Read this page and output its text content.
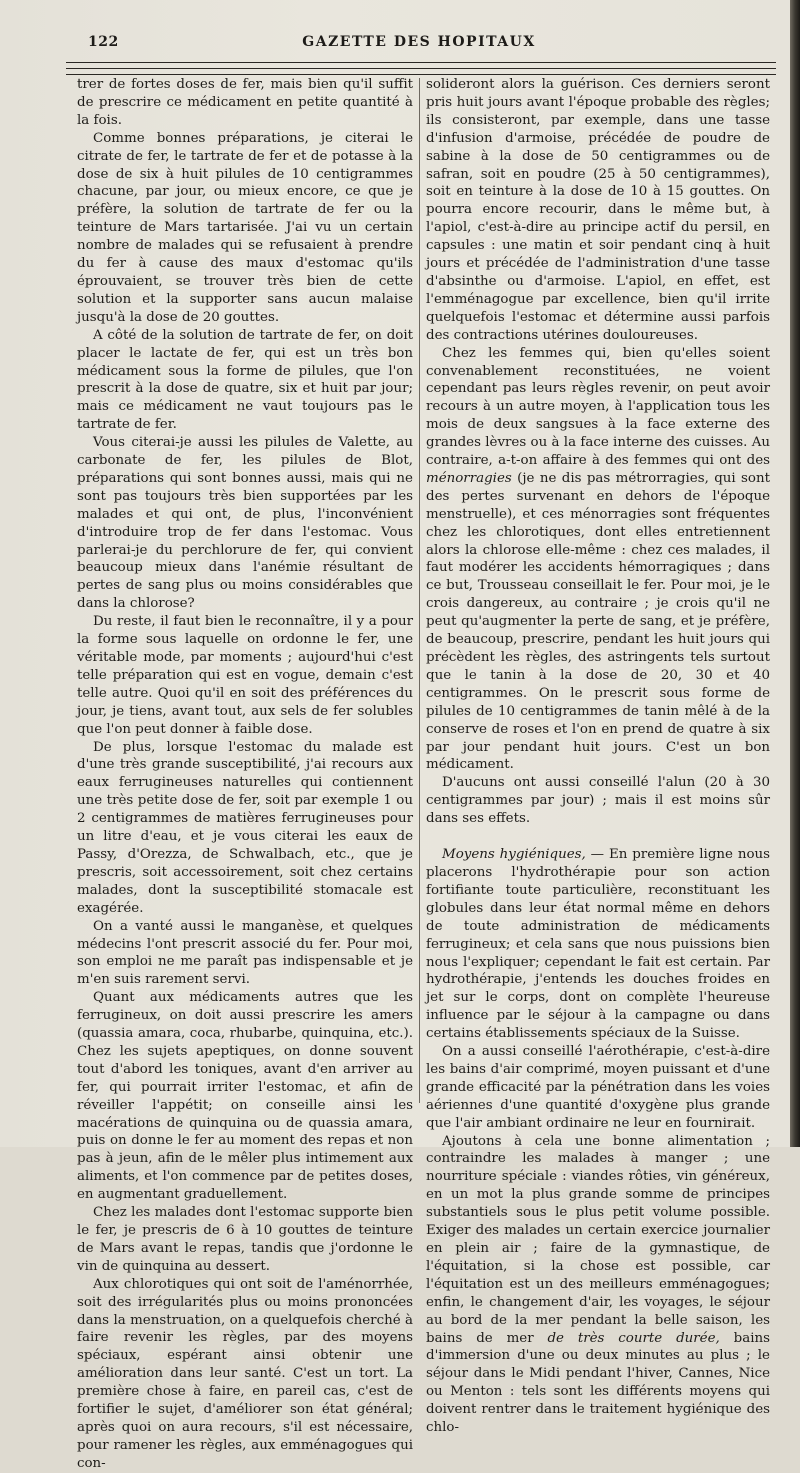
122	GAZETTE DES HOPITAUX

trer de fortes doses de fer, mais bien qu'il suffit de prescrire ce médicament en petite quantité à la fois.

Comme bonnes préparations, je citerai le citrate de fer, le tartrate de fer et de potasse à la dose de six à huit pilules de 10 centigrammes chacune, par jour, ou mieux encore, ce que je préfère, la solution de tartrate de fer ou la teinture de Mars tartarisée. J'ai vu un certain nombre de malades qui se refusaient à prendre du fer à cause des maux d'estomac qu'ils éprouvaient, se trouver très bien de cette solution et la supporter sans aucun malaise jusqu'à la dose de 20 gouttes.

A côté de la solution de tartrate de fer, on doit placer le lactate de fer, qui est un très bon médicament sous la forme de pilules, que l'on prescrit à la dose de quatre, six et huit par jour; mais ce médicament ne vaut toujours pas le tartrate de fer.

Vous citerai-je aussi les pilules de Valette, au carbonate de fer, les pilules de Blot, préparations qui sont bonnes aussi, mais qui ne sont pas toujours très bien supportées par les malades et qui ont, de plus, l'inconvénient d'introduire trop de fer dans l'estomac. Vous parlerai-je du perchlorure de fer, qui convient beaucoup mieux dans l'anémie résultant de pertes de sang plus ou moins considérables que dans la chlorose?

Du reste, il faut bien le reconnaître, il y a pour la forme sous laquelle on ordonne le fer, une véritable mode, par moments ; aujourd'hui c'est telle préparation qui est en vogue, demain c'est telle autre. Quoi qu'il en soit des préférences du jour, je tiens, avant tout, aux sels de fer solubles que l'on peut donner à faible dose.

De plus, lorsque l'estomac du malade est d'une très grande susceptibilité, j'ai recours aux eaux ferrugineuses naturelles qui contiennent une très petite dose de fer, soit par exemple 1 ou 2 centigrammes de matières ferrugineuses pour un litre d'eau, et je vous citerai les eaux de Passy, d'Orezza, de Schwalbach, etc., que je prescris, soit accessoirement, soit chez certains malades, dont la susceptibilité stomacale est exagérée.

On a vanté aussi le manganèse, et quelques médecins l'ont prescrit associé du fer. Pour moi, son emploi ne me paraît pas indispensable et je m'en suis rarement servi.

Quant aux médicaments autres que les ferrugineux, on doit aussi prescrire les amers (quassia amara, coca, rhubarbe, quinquina, etc.). Chez les sujets apeptiques, on donne souvent tout d'abord les toniques, avant d'en arriver au fer, qui pourrait irriter l'estomac, et afin de réveiller l'appétit; on conseille ainsi les macérations de quinquina ou de quassia amara, puis on donne le fer au moment des repas et non pas à jeun, afin de le mêler plus intimement aux aliments, et l'on commence par de petites doses, en augmentant graduellement.

Chez les malades dont l'estomac supporte bien le fer, je prescris de 6 à 10 gouttes de teinture de Mars avant le repas, tandis que j'ordonne le vin de quinquina au dessert.

Aux chlorotiques qui ont soit de l'aménorrhée, soit des irrégularités plus ou moins prononcées dans la menstruation, on a quelquefois cherché à faire revenir les règles, par des moyens spéciaux, espérant ainsi obtenir une amélioration dans leur santé. C'est un tort. La première chose à faire, en pareil cas, c'est de fortifier le sujet, d'améliorer son état général; après quoi on aura recours, s'il est nécessaire, pour ramener les règles, aux emménagogues qui con-

solideront alors la guérison. Ces derniers seront pris huit jours avant l'époque probable des règles; ils consisteront, par exemple, dans une tasse d'infusion d'armoise, précédée de poudre de sabine à la dose de 50 centigrammes ou de safran, soit en poudre (25 à 50 centigrammes), soit en teinture à la dose de 10 à 15 gouttes. On pourra encore recourir, dans le même but, à l'apiol, c'est-à-dire au principe actif du persil, en capsules : une matin et soir pendant cinq à huit jours et précédée de l'administration d'une tasse d'absinthe ou d'armoise. L'apiol, en effet, est l'emménagogue par excellence, bien qu'il irrite quelquefois l'estomac et détermine aussi parfois des contractions utérines douloureuses.

Chez les femmes qui, bien qu'elles soient convenablement reconstituées, ne voient cependant pas leurs règles revenir, on peut avoir recours à un autre moyen, à l'application tous les mois de deux sangsues à la face externe des grandes lèvres ou à la face interne des cuisses. Au contraire, a-t-on affaire à des femmes qui ont des ménorragies (je ne dis pas métrorragies, qui sont des pertes survenant en dehors de l'époque menstruelle), et ces ménorragies sont fréquentes chez les chlorotiques, dont elles entretiennent alors la chlorose elle-même : chez ces malades, il faut modérer les accidents hémorragiques ; dans ce but, Trousseau conseillait le fer. Pour moi, je le crois dangereux, au contraire ; je crois qu'il ne peut qu'augmenter la perte de sang, et je préfère, de beaucoup, prescrire, pendant les huit jours qui précèdent les règles, des astringents tels surtout que le tanin à la dose de 20, 30 et 40 centigrammes. On le prescrit sous forme de pilules de 10 centigrammes de tanin mêlé à de la conserve de roses et l'on en prend de quatre à six par jour pendant huit jours. C'est un bon médicament.

D'aucuns ont aussi conseillé l'alun (20 à 30 centigrammes par jour) ; mais il est moins sûr dans ses effets.

Moyens hygiéniques, — En première ligne nous placerons l'hydrothérapie pour son action fortifiante toute particulière, reconstituant les globules dans leur état normal même en dehors de toute administration de médicaments ferrugineux; et cela sans que nous puissions bien nous l'expliquer; cependant le fait est certain. Par hydrothérapie, j'entends les douches froides en jet sur le corps, dont on complète l'heureuse influence par le séjour à la campagne ou dans certains établissements spéciaux de la Suisse.

On a aussi conseillé l'aérothérapie, c'est-à-dire les bains d'air comprimé, moyen puissant et d'une grande efficacité par la pénétration dans les voies aériennes d'une quantité d'oxygène plus grande que l'air ambiant ordinaire ne leur en fournirait.

Ajoutons à cela une bonne alimentation ; contraindre les malades à manger ; une nourriture spéciale : viandes rôties, vin généreux, en un mot la plus grande somme de principes substantiels sous le plus petit volume possible. Exiger des malades un certain exercice journalier en plein air ; faire de la gymnastique, de l'équitation, si la chose est possible, car l'équitation est un des meilleurs emménagogues; enfin, le changement d'air, les voyages, le séjour au bord de la mer pendant la belle saison, les bains de mer de très courte durée, bains d'immersion d'une ou deux minutes au plus ; le séjour dans le Midi pendant l'hiver, Cannes, Nice ou Menton : tels sont les différents moyens qui doivent rentrer dans le traitement hygiénique des chlo-
